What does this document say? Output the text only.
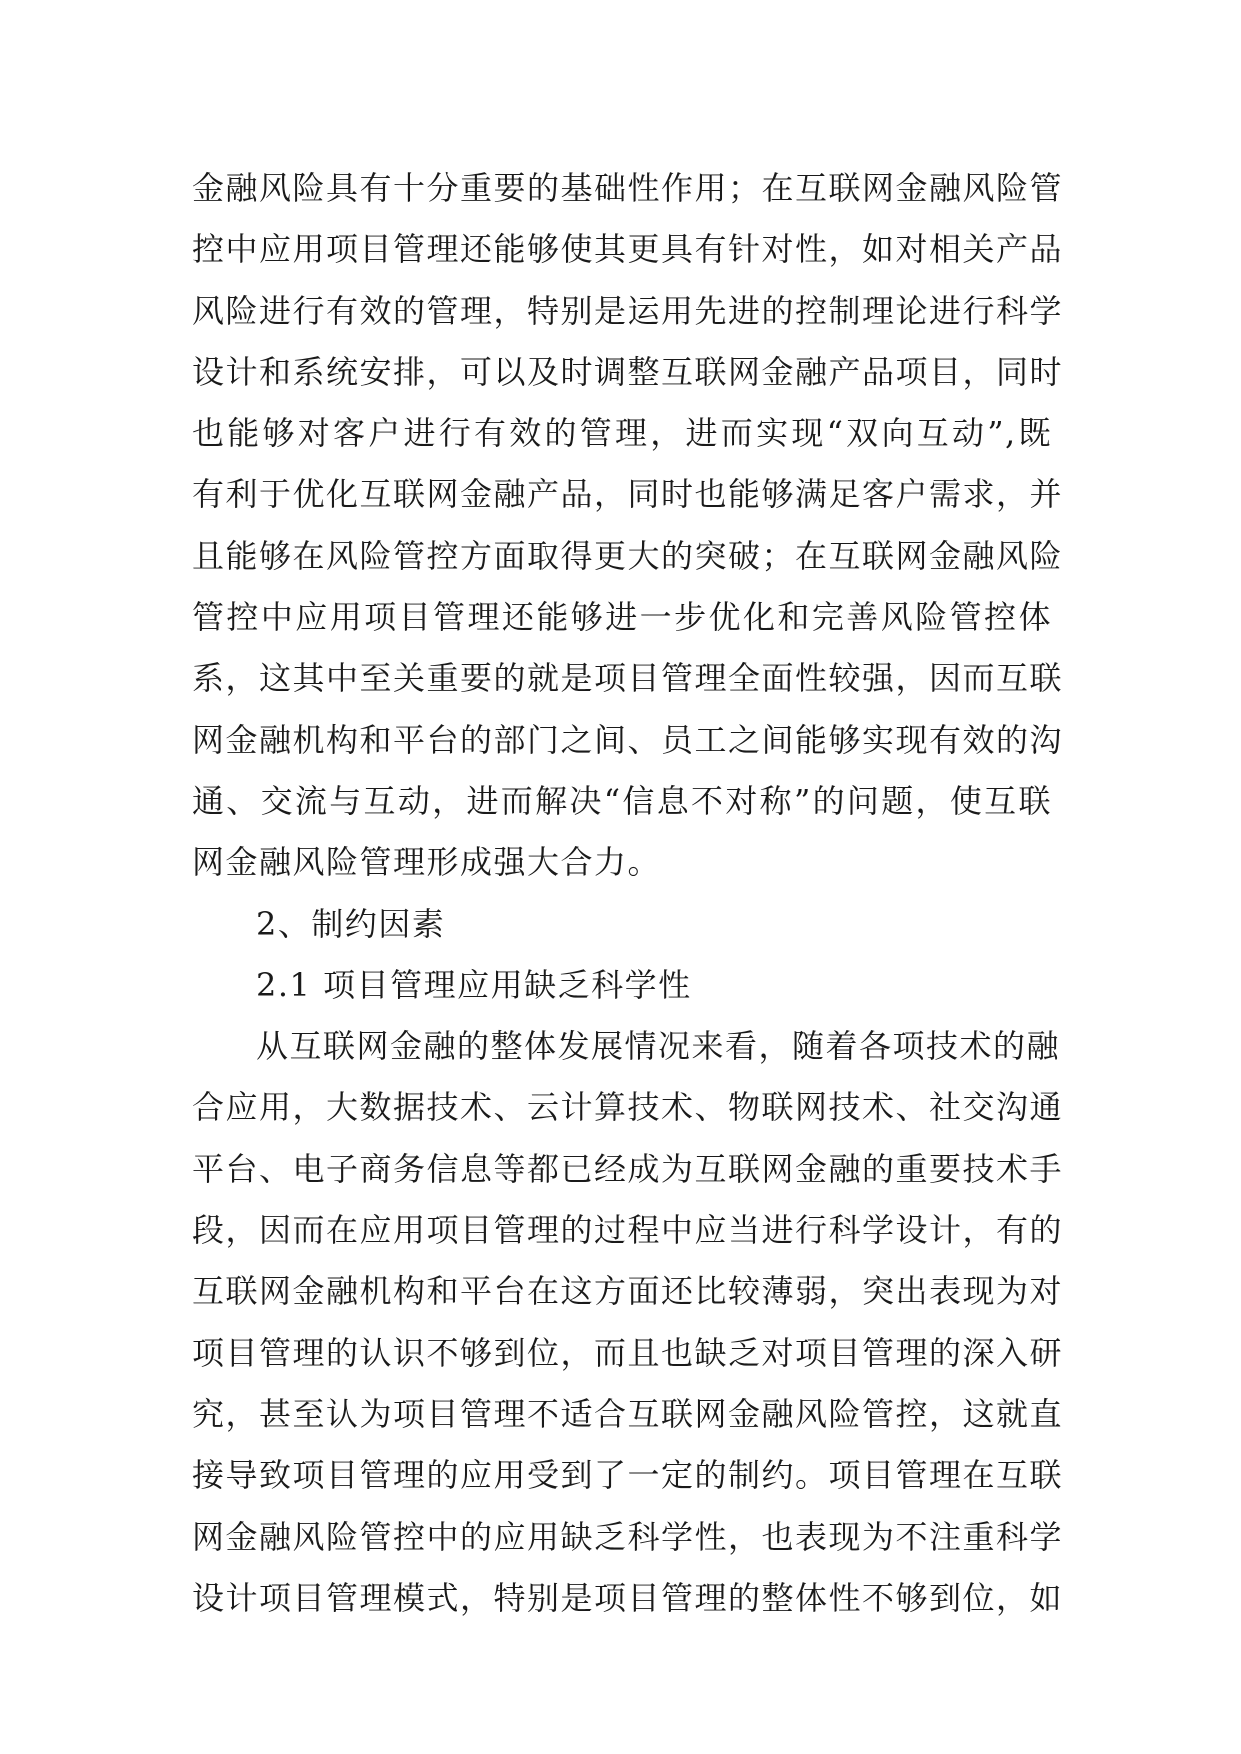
金融风险具有十分重要的基础性作用；在互联网金融风险管
控中应用项目管理还能够使其更具有针对性，如对相关产品
风险进行有效的管理，特别是运用先进的控制理论进行科学
设计和系统安排，可以及时调整互联网金融产品项目，同时
也能够对客户进行有效的管理，进而实现“双向互动”,既
有利于优化互联网金融产品，同时也能够满足客户需求，并
且能够在风险管控方面取得更大的突破；在互联网金融风险
管控中应用项目管理还能够进一步优化和完善风险管控体
系，这其中至关重要的就是项目管理全面性较强，因而互联
网金融机构和平台的部门之间、员工之间能够实现有效的沟
通、交流与互动，进而解决“信息不对称”的问题，使互联
网金融风险管理形成强大合力。
2、制约因素
2.1 项目管理应用缺乏科学性
从互联网金融的整体发展情况来看，随着各项技术的融
合应用，大数据技术、云计算技术、物联网技术、社交沟通
平台、电子商务信息等都已经成为互联网金融的重要技术手
段，因而在应用项目管理的过程中应当进行科学设计，有的
互联网金融机构和平台在这方面还比较薄弱，突出表现为对
项目管理的认识不够到位，而且也缺乏对项目管理的深入研
究，甚至认为项目管理不适合互联网金融风险管控，这就直
接导致项目管理的应用受到了一定的制约。项目管理在互联
网金融风险管控中的应用缺乏科学性，也表现为不注重科学
设计项目管理模式，特别是项目管理的整体性不够到位，如
